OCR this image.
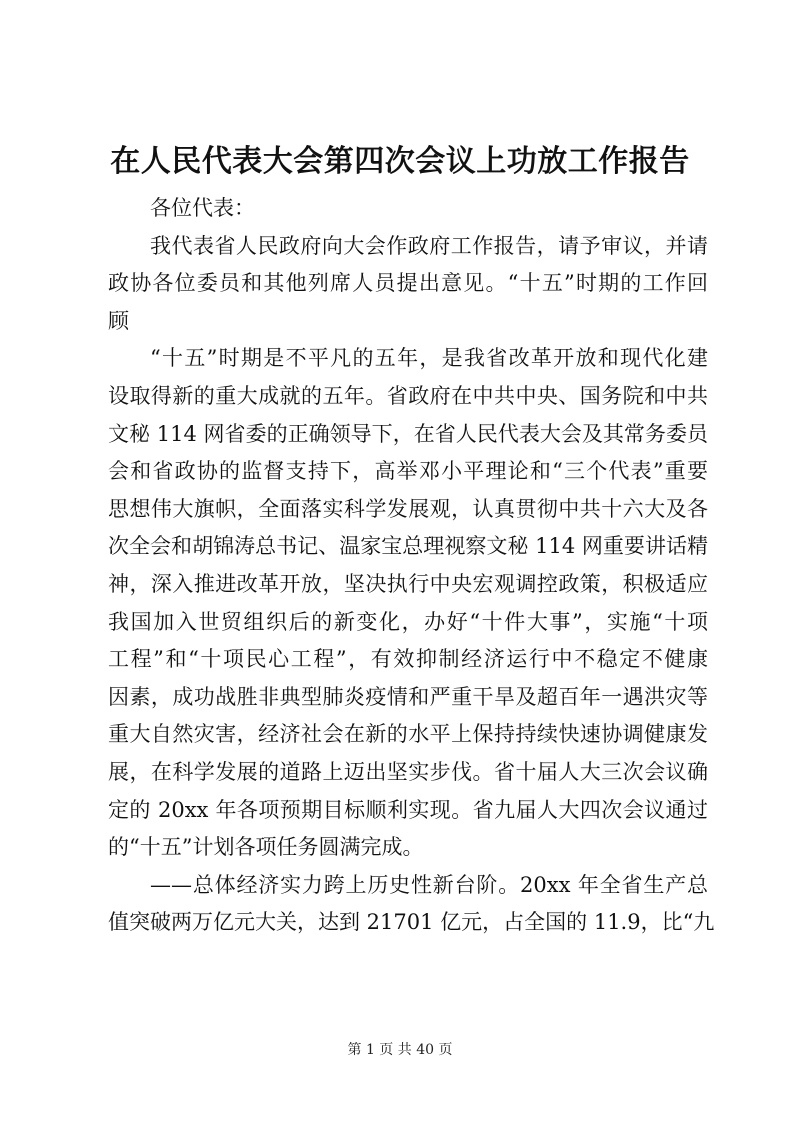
在人民代表大会第四次会议上功放工作报告
各位代表：
我代表省人民政府向大会作政府工作报告，请予审议，并请
政协各位委员和其他列席人员提出意见。“十五”时期的工作回
顾
“十五”时期是不平凡的五年，是我省改革开放和现代化建
设取得新的重大成就的五年。省政府在中共中央、国务院和中共
文秘 114 网省委的正确领导下，在省人民代表大会及其常务委员
会和省政协的监督支持下，高举邓小平理论和“三个代表”重要
思想伟大旗帜，全面落实科学发展观，认真贯彻中共十六大及各
次全会和胡锦涛总书记、温家宝总理视察文秘 114 网重要讲话精
神，深入推进改革开放，坚决执行中央宏观调控政策，积极适应
我国加入世贸组织后的新变化，办好“十件大事”，实施“十项
工程”和“十项民心工程”，有效抑制经济运行中不稳定不健康
因素，成功战胜非典型肺炎疫情和严重干旱及超百年一遇洪灾等
重大自然灾害，经济社会在新的水平上保持持续快速协调健康发
展，在科学发展的道路上迈出坚实步伐。省十届人大三次会议确
定的 20xx 年各项预期目标顺利实现。省九届人大四次会议通过
的“十五”计划各项任务圆满完成。
——总体经济实力跨上历史性新台阶。20xx 年全省生产总
值突破两万亿元大关，达到 21701 亿元，占全国的 11.9，比“九
第 1 页 共 40 页
